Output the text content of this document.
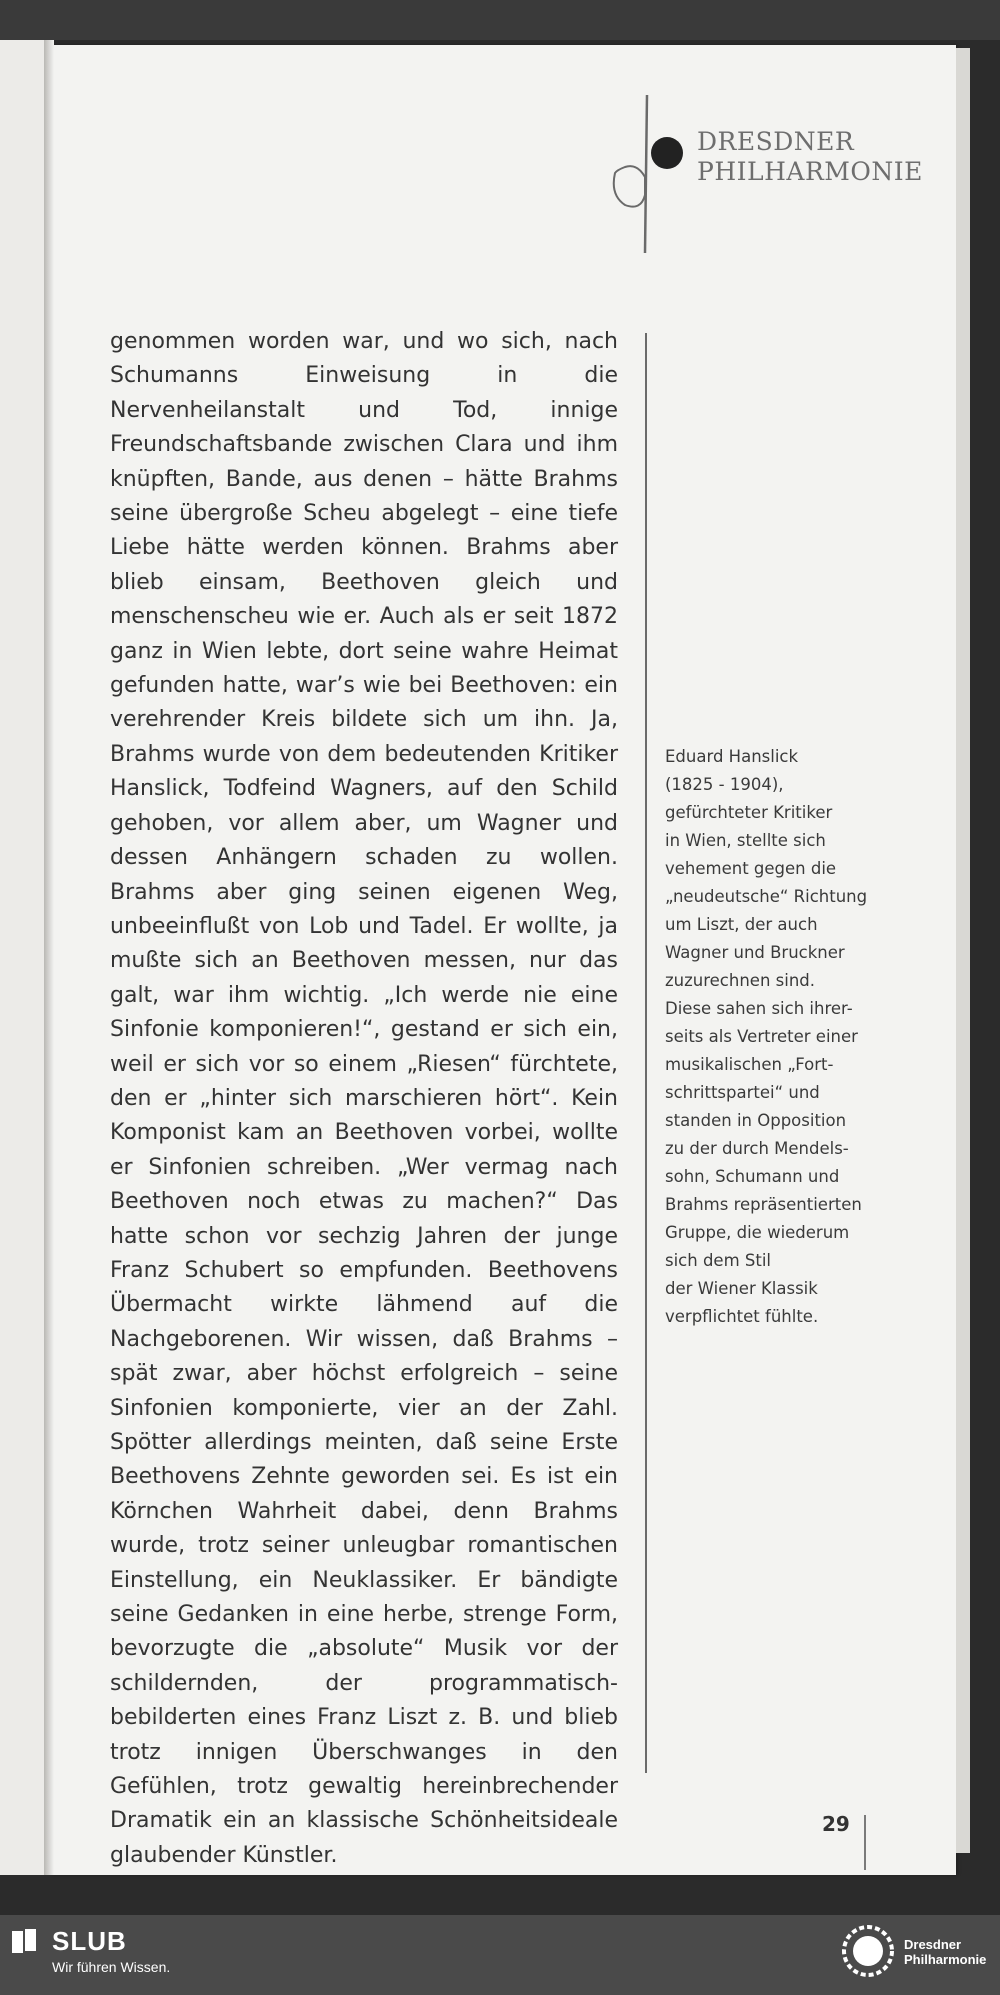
DRESDNER
PHILHARMONIE

genommen worden war, und wo sich, nach Schumanns Einweisung in die Nervenheilanstalt und Tod, innige Freundschaftsbande zwischen Clara und ihm knüpften, Bande, aus denen – hätte Brahms seine übergroße Scheu abgelegt – eine tiefe Liebe hätte werden können. Brahms aber blieb einsam, Beethoven gleich und menschenscheu wie er. Auch als er seit 1872 ganz in Wien lebte, dort seine wahre Heimat gefunden hatte, war’s wie bei Beethoven: ein verehrender Kreis bildete sich um ihn. Ja, Brahms wurde von dem bedeutenden Kritiker Hanslick, Todfeind Wagners, auf den Schild gehoben, vor allem aber, um Wagner und dessen Anhängern schaden zu wollen. Brahms aber ging seinen eigenen Weg, unbeeinflußt von Lob und Tadel. Er wollte, ja mußte sich an Beethoven messen, nur das galt, war ihm wichtig. „Ich werde nie eine Sinfonie komponieren!“, gestand er sich ein, weil er sich vor so einem „Riesen“ fürchtete, den er „hinter sich marschieren hört“. Kein Komponist kam an Beethoven vorbei, wollte er Sinfonien schreiben. „Wer vermag nach Beethoven noch etwas zu machen?“ Das hatte schon vor sechzig Jahren der junge Franz Schubert so empfunden. Beethovens Übermacht wirkte lähmend auf die Nachgeborenen. Wir wissen, daß Brahms – spät zwar, aber höchst erfolgreich – seine Sinfonien komponierte, vier an der Zahl. Spötter allerdings meinten, daß seine Erste Beethovens Zehnte geworden sei. Es ist ein Körnchen Wahrheit dabei, denn Brahms wurde, trotz seiner unleugbar romantischen Einstellung, ein Neuklassiker. Er bändigte seine Gedanken in eine herbe, strenge Form, bevorzugte die „absolute“ Musik vor der schildernden, der programmatisch-bebilderten eines Franz Liszt z. B. und blieb trotz innigen Überschwanges in den Gefühlen, trotz gewaltig hereinbrechender Dramatik ein an klassische Schönheitsideale glaubender Künstler.

Eduard Hanslick
(1825 - 1904),
gefürchteter Kritiker
in Wien, stellte sich
vehement gegen die
„neudeutsche“ Richtung
um Liszt, der auch
Wagner und Bruckner
zuzurechnen sind.
Diese sahen sich ihrer-
seits als Vertreter einer
musikalischen „Fort-
schrittspartei“ und
standen in Opposition
zu der durch Mendels-
sohn, Schumann und
Brahms repräsentierten
Gruppe, die wiederum
sich dem Stil
der Wiener Klassik
verpflichtet fühlte.
29
SLUB
Wir führen Wissen.
Dresdner
Philharmonie
